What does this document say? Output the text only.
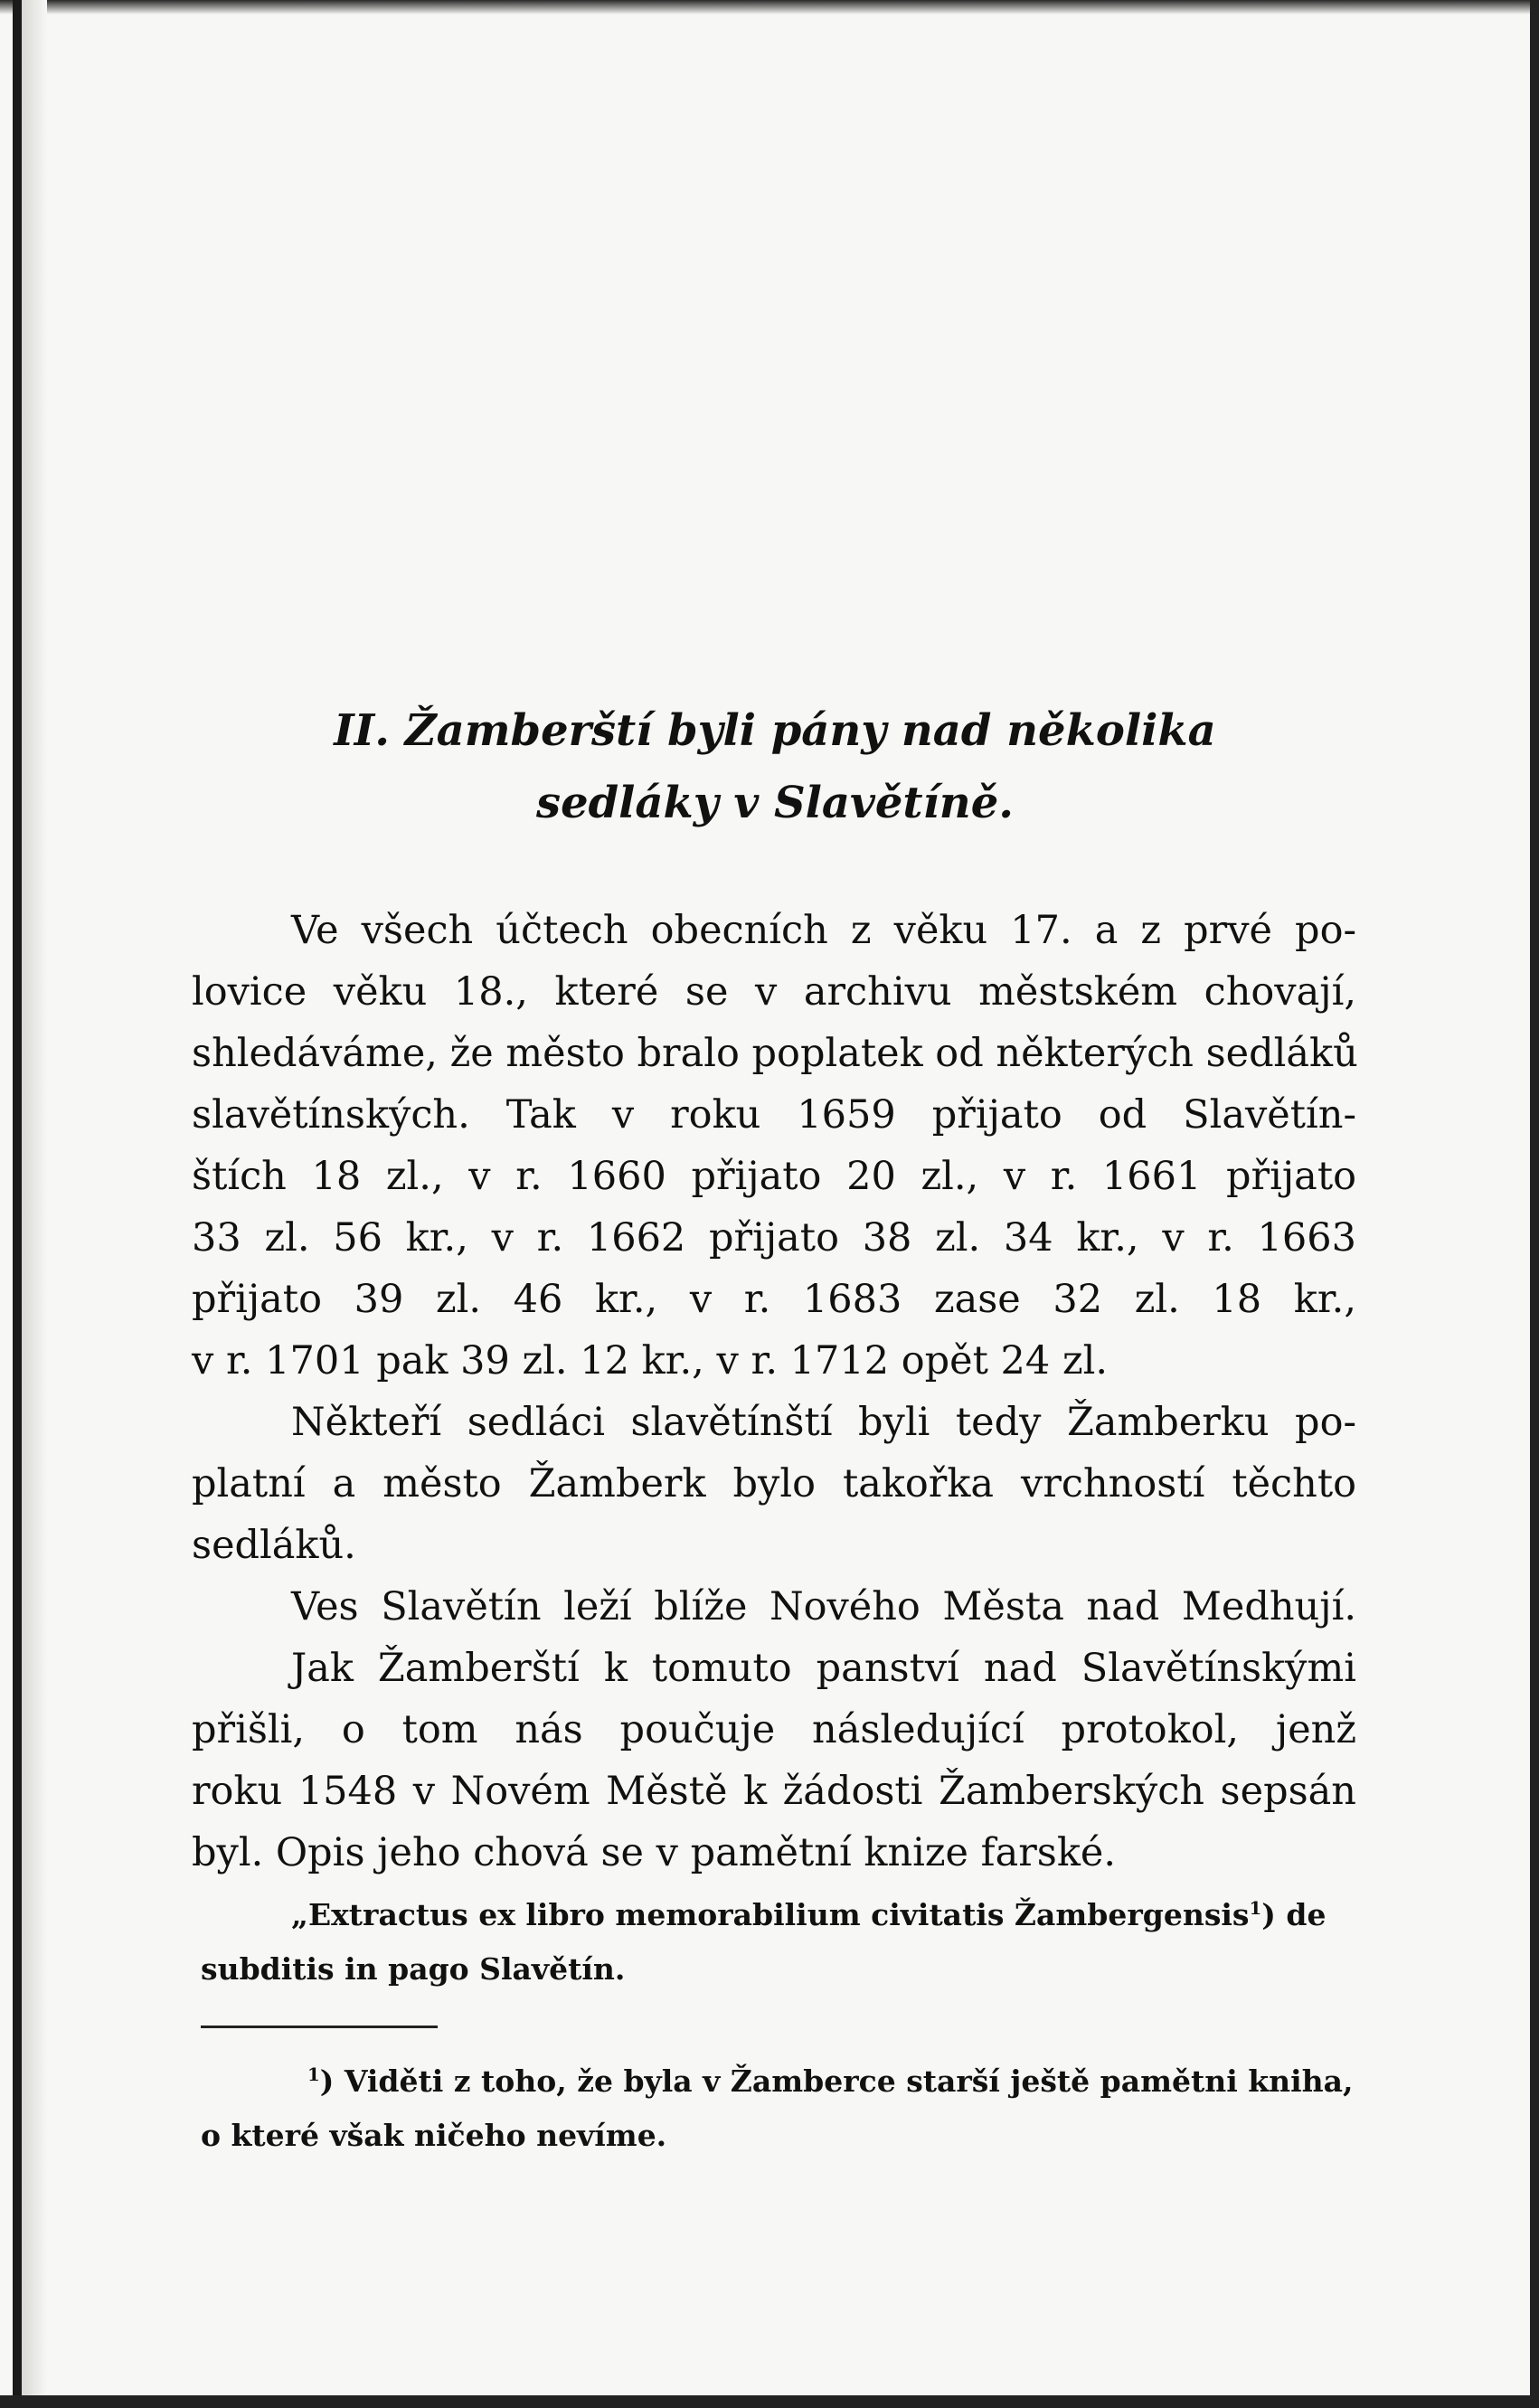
II. Žamberští byli pány nad několika
sedláky v Slavětíně.
Ve všech účtech obecních z věku 17. a z prvé po-
lovice věku 18., které se v archivu městském chovají,
shledáváme, že město bralo poplatek od některých sedláků
slavětínských. Tak v roku 1659 přijato od Slavětín-
štích 18 zl., v r. 1660 přijato 20 zl., v r. 1661 přijato
33 zl. 56 kr., v r. 1662 přijato 38 zl. 34 kr., v r. 1663
přijato 39 zl. 46 kr., v r. 1683 zase 32 zl. 18 kr.,
v r. 1701 pak 39 zl. 12 kr., v r. 1712 opět 24 zl.
Někteří sedláci slavětínští byli tedy Žamberku po-
platní a město Žamberk bylo takořka vrchností těchto
sedláků.
Ves Slavětín leží blíže Nového Města nad Medhují.
Jak Žamberští k tomuto panství nad Slavětínskými
přišli, o tom nás poučuje následující protokol, jenž
roku 1548 v Novém Městě k žádosti Žamberských sepsán
byl. Opis jeho chová se v pamětní knize farské.
„Extractus ex libro memorabilium civitatis Žambergensis$^1$) de
subditis in pago Slavětín.
$^1$) Viděti z toho, že byla v Žamberce starší ještě pamětni kniha,
o které však ničeho nevíme.
